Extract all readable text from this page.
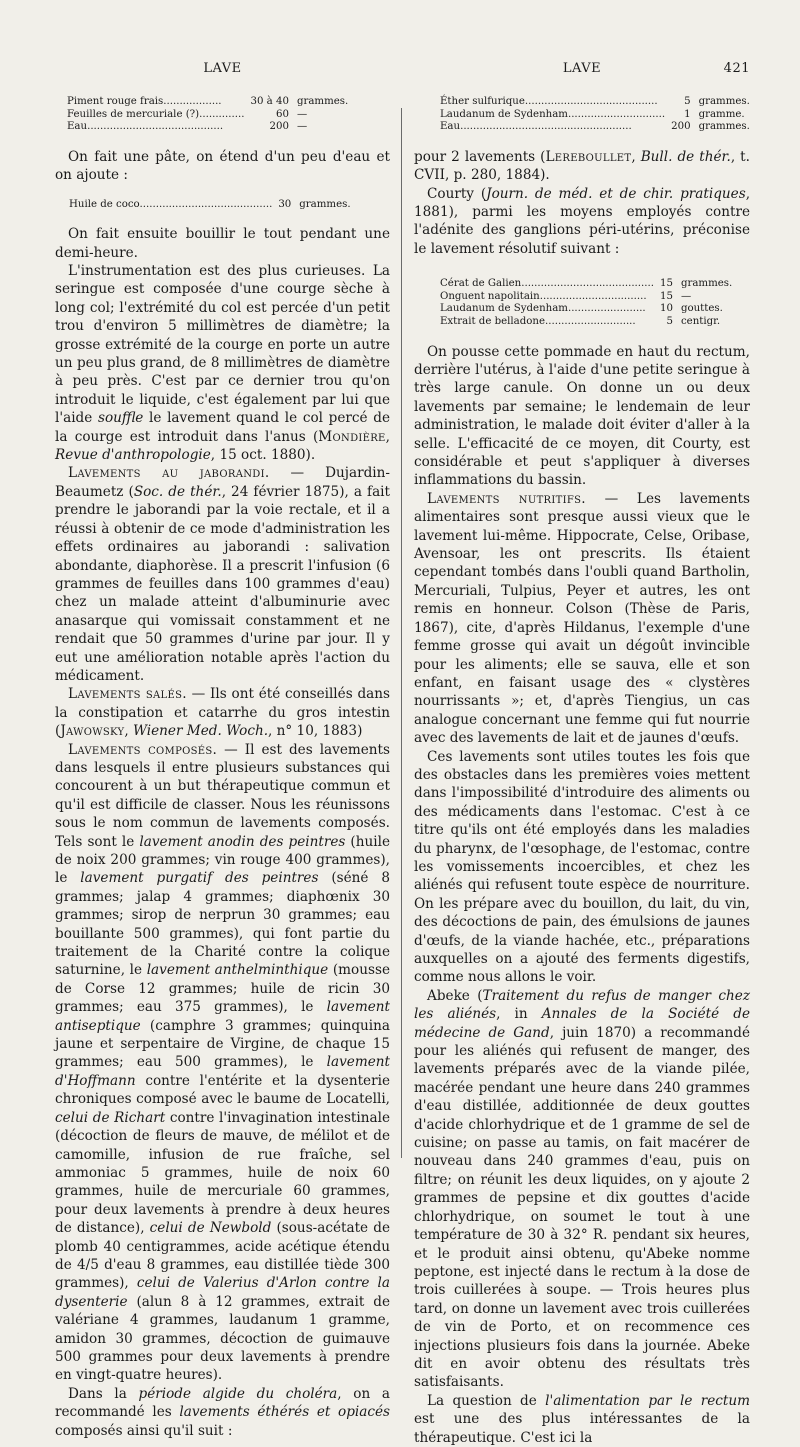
LAVE
Piment rouge frais..................	30 à 40	grammes.
Feuilles de mercuriale (?)..............	60	—
Eau..........................................	200	—

On fait une pâte, on étend d'un peu d'eau et on ajoute :

Huile de coco.........................................	30	grammes.

On fait ensuite bouillir le tout pendant une demi-heure.

L'instrumentation est des plus curieuses. La seringue est composée d'une courge sèche à long col; l'extrémité du col est percée d'un petit trou d'environ 5 millimètres de diamètre; la grosse extrémité de la courge en porte un autre un peu plus grand, de 8 millimètres de diamètre à peu près. C'est par ce dernier trou qu'on introduit le liquide, c'est également par lui que l'aide souffle le lavement quand le col percé de la courge est introduit dans l'anus (Mondière, Revue d'anthropologie, 15 oct. 1880).

Lavements au jaborandi. — Dujardin-Beaumetz (Soc. de thér., 24 février 1875), a fait prendre le jaborandi par la voie rectale, et il a réussi à obtenir de ce mode d'administration les effets ordinaires au jaborandi : salivation abondante, diaphorèse. Il a prescrit l'infusion (6 grammes de feuilles dans 100 grammes d'eau) chez un malade atteint d'albuminurie avec anasarque qui vomissait constamment et ne rendait que 50 grammes d'urine par jour. Il y eut une amélioration notable après l'action du médicament.

Lavements salés. — Ils ont été conseillés dans la constipation et catarrhe du gros intestin (Jawowsky, Wiener Med. Woch., n° 10, 1883)

Lavements composés. — Il est des lavements dans lesquels il entre plusieurs substances qui concourent à un but thérapeutique commun et qu'il est difficile de classer. Nous les réunissons sous le nom commun de lavements composés. Tels sont le lavement anodin des peintres (huile de noix 200 grammes; vin rouge 400 grammes), le lavement purgatif des peintres (séné 8 grammes; jalap 4 grammes; diaphœnix 30 grammes; sirop de nerprun 30 grammes; eau bouillante 500 grammes), qui font partie du traitement de la Charité contre la colique saturnine, le lavement anthelminthique (mousse de Corse 12 grammes; huile de ricin 30 grammes; eau 375 grammes), le lavement antiseptique (camphre 3 grammes; quinquina jaune et serpentaire de Virgine, de chaque 15 grammes; eau 500 grammes), le lavement d'Hoffmann contre l'entérite et la dysenterie chroniques composé avec le baume de Locatelli, celui de Richart contre l'invagination intestinale (décoction de fleurs de mauve, de mélilot et de camomille, infusion de rue fraîche, sel ammoniac 5 grammes, huile de noix 60 grammes, huile de mercuriale 60 grammes, pour deux lavements à prendre à deux heures de distance), celui de Newbold (sous-acétate de plomb 40 centigrammes, acide acétique étendu de 4/5 d'eau 8 grammes, eau distillée tiède 300 grammes), celui de Valerius d'Arlon contre la dysenterie (alun 8 à 12 grammes, extrait de valériane 4 grammes, laudanum 1 gramme, amidon 30 grammes, décoction de guimauve 500 grammes pour deux lavements à prendre en vingt-quatre heures).

Dans la période algide du choléra, on a recommandé les lavements éthérés et opiacés composés ainsi qu'il suit :

LAVE	421
Éther sulfurique.........................................	5	grammes.
Laudanum de Sydenham..............................	1	gramme.
Eau.....................................................	200	grammes.

pour 2 lavements (Lereboullet, Bull. de thér., t. CVII, p. 280, 1884).

Courty (Journ. de méd. et de chir. pratiques, 1881), parmi les moyens employés contre l'adénite des ganglions péri-utérins, préconise le lavement résolutif suivant :

Cérat de Galien.........................................	15	grammes.
Onguent napolitain.................................	15	—
Laudanum de Sydenham........................	10	gouttes.
Extrait de belladone............................	5	centigr.

On pousse cette pommade en haut du rectum, derrière l'utérus, à l'aide d'une petite seringue à très large canule. On donne un ou deux lavements par semaine; le lendemain de leur administration, le malade doit éviter d'aller à la selle. L'efficacité de ce moyen, dit Courty, est considérable et peut s'appliquer à diverses inflammations du bassin.

Lavements nutritifs. — Les lavements alimentaires sont presque aussi vieux que le lavement lui-même. Hippocrate, Celse, Oribase, Avensoar, les ont prescrits. Ils étaient cependant tombés dans l'oubli quand Bartholin, Mercuriali, Tulpius, Peyer et autres, les ont remis en honneur. Colson (Thèse de Paris, 1867), cite, d'après Hildanus, l'exemple d'une femme grosse qui avait un dégoût invincible pour les aliments; elle se sauva, elle et son enfant, en faisant usage des « clystères nourrissants »; et, d'après Tiengius, un cas analogue concernant une femme qui fut nourrie avec des lavements de lait et de jaunes d'œufs.

Ces lavements sont utiles toutes les fois que des obstacles dans les premières voies mettent dans l'impossibilité d'introduire des aliments ou des médicaments dans l'estomac. C'est à ce titre qu'ils ont été employés dans les maladies du pharynx, de l'œsophage, de l'estomac, contre les vomissements incoercibles, et chez les aliénés qui refusent toute espèce de nourriture. On les prépare avec du bouillon, du lait, du vin, des décoctions de pain, des émulsions de jaunes d'œufs, de la viande hachée, etc., préparations auxquelles on a ajouté des ferments digestifs, comme nous allons le voir.

Abeke (Traitement du refus de manger chez les aliénés, in Annales de la Société de médecine de Gand, juin 1870) a recommandé pour les aliénés qui refusent de manger, des lavements préparés avec de la viande pilée, macérée pendant une heure dans 240 grammes d'eau distillée, additionnée de deux gouttes d'acide chlorhydrique et de 1 gramme de sel de cuisine; on passe au tamis, on fait macérer de nouveau dans 240 grammes d'eau, puis on filtre; on réunit les deux liquides, on y ajoute 2 grammes de pepsine et dix gouttes d'acide chlorhydrique, on soumet le tout à une température de 30 à 32° R. pendant six heures, et le produit ainsi obtenu, qu'Abeke nomme peptone, est injecté dans le rectum à la dose de trois cuillerées à soupe. — Trois heures plus tard, on donne un lavement avec trois cuillerées de vin de Porto, et on recommence ces injections plusieurs fois dans la journée. Abeke dit en avoir obtenu des résultats très satisfaisants.

La question de l'alimentation par le rectum est une des plus intéressantes de la thérapeutique. C'est ici la
